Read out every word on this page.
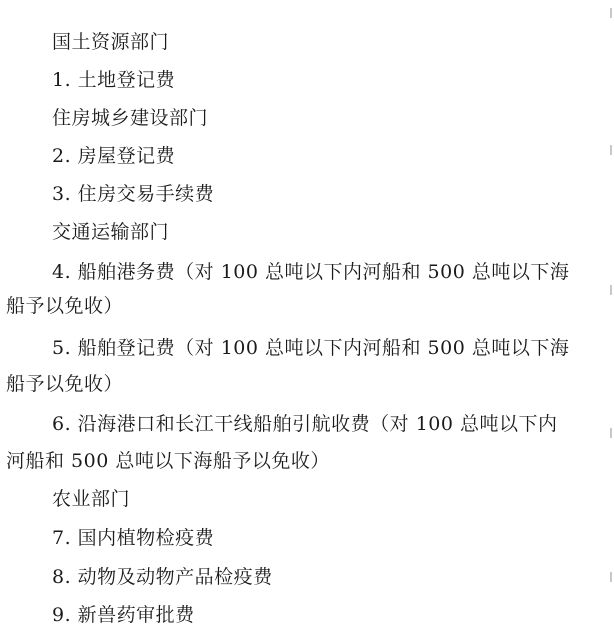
国土资源部门
1. 土地登记费
住房城乡建设部门
2. 房屋登记费
3. 住房交易手续费
交通运输部门
4. 船舶港务费（对 100 总吨以下内河船和 500 总吨以下海
船予以免收）
5. 船舶登记费（对 100 总吨以下内河船和 500 总吨以下海
船予以免收）
6. 沿海港口和长江干线船舶引航收费（对 100 总吨以下内
河船和 500 总吨以下海船予以免收）
农业部门
7. 国内植物检疫费
8. 动物及动物产品检疫费
9. 新兽药审批费
